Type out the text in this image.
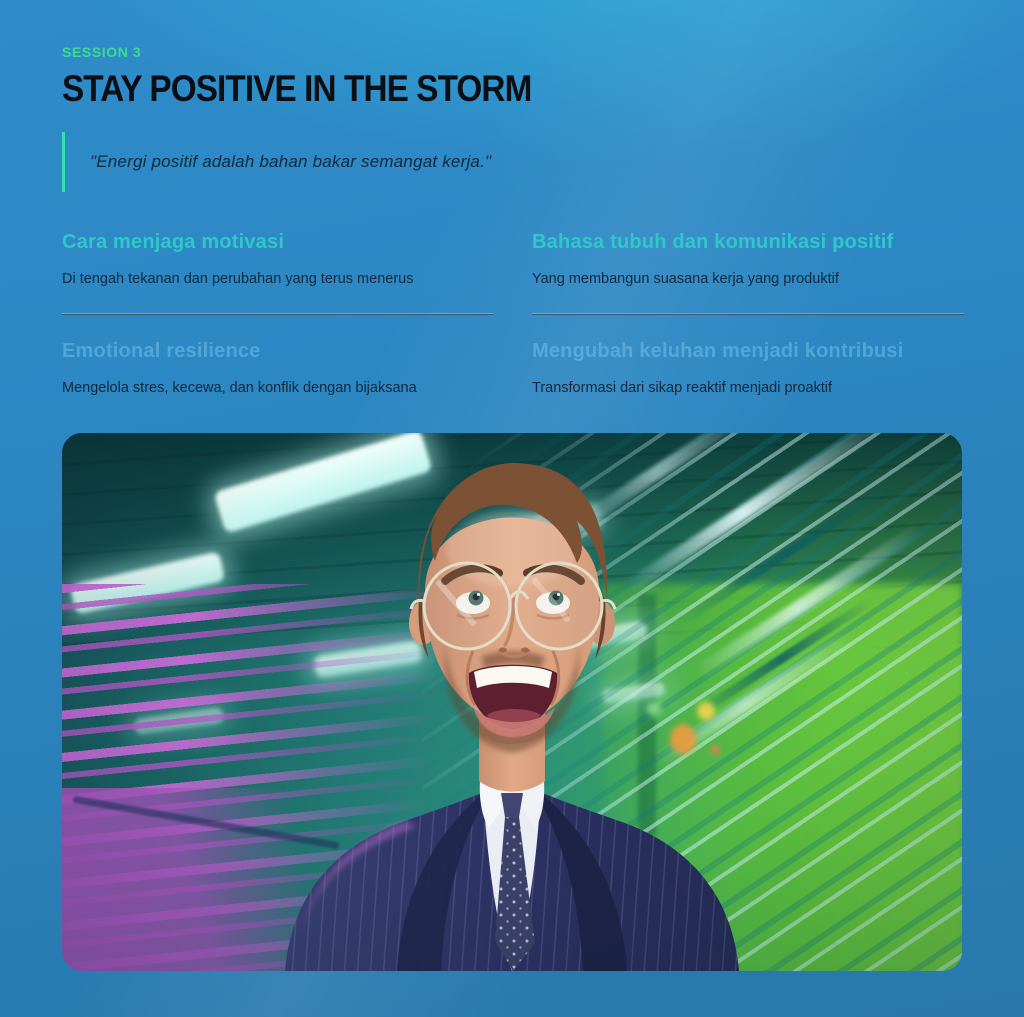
SESSION 3
STAY POSITIVE IN THE STORM
"Energi positif adalah bahan bakar semangat kerja."
Cara menjaga motivasi

Di tengah tekanan dan perubahan yang terus menerus

Bahasa tubuh dan komunikasi positif

Yang membangun suasana kerja yang produktif

Emotional resilience

Mengelola stres, kecewa, dan konflik dengan bijaksana

Mengubah keluhan menjadi kontribusi

Transformasi dari sikap reaktif menjadi proaktif
